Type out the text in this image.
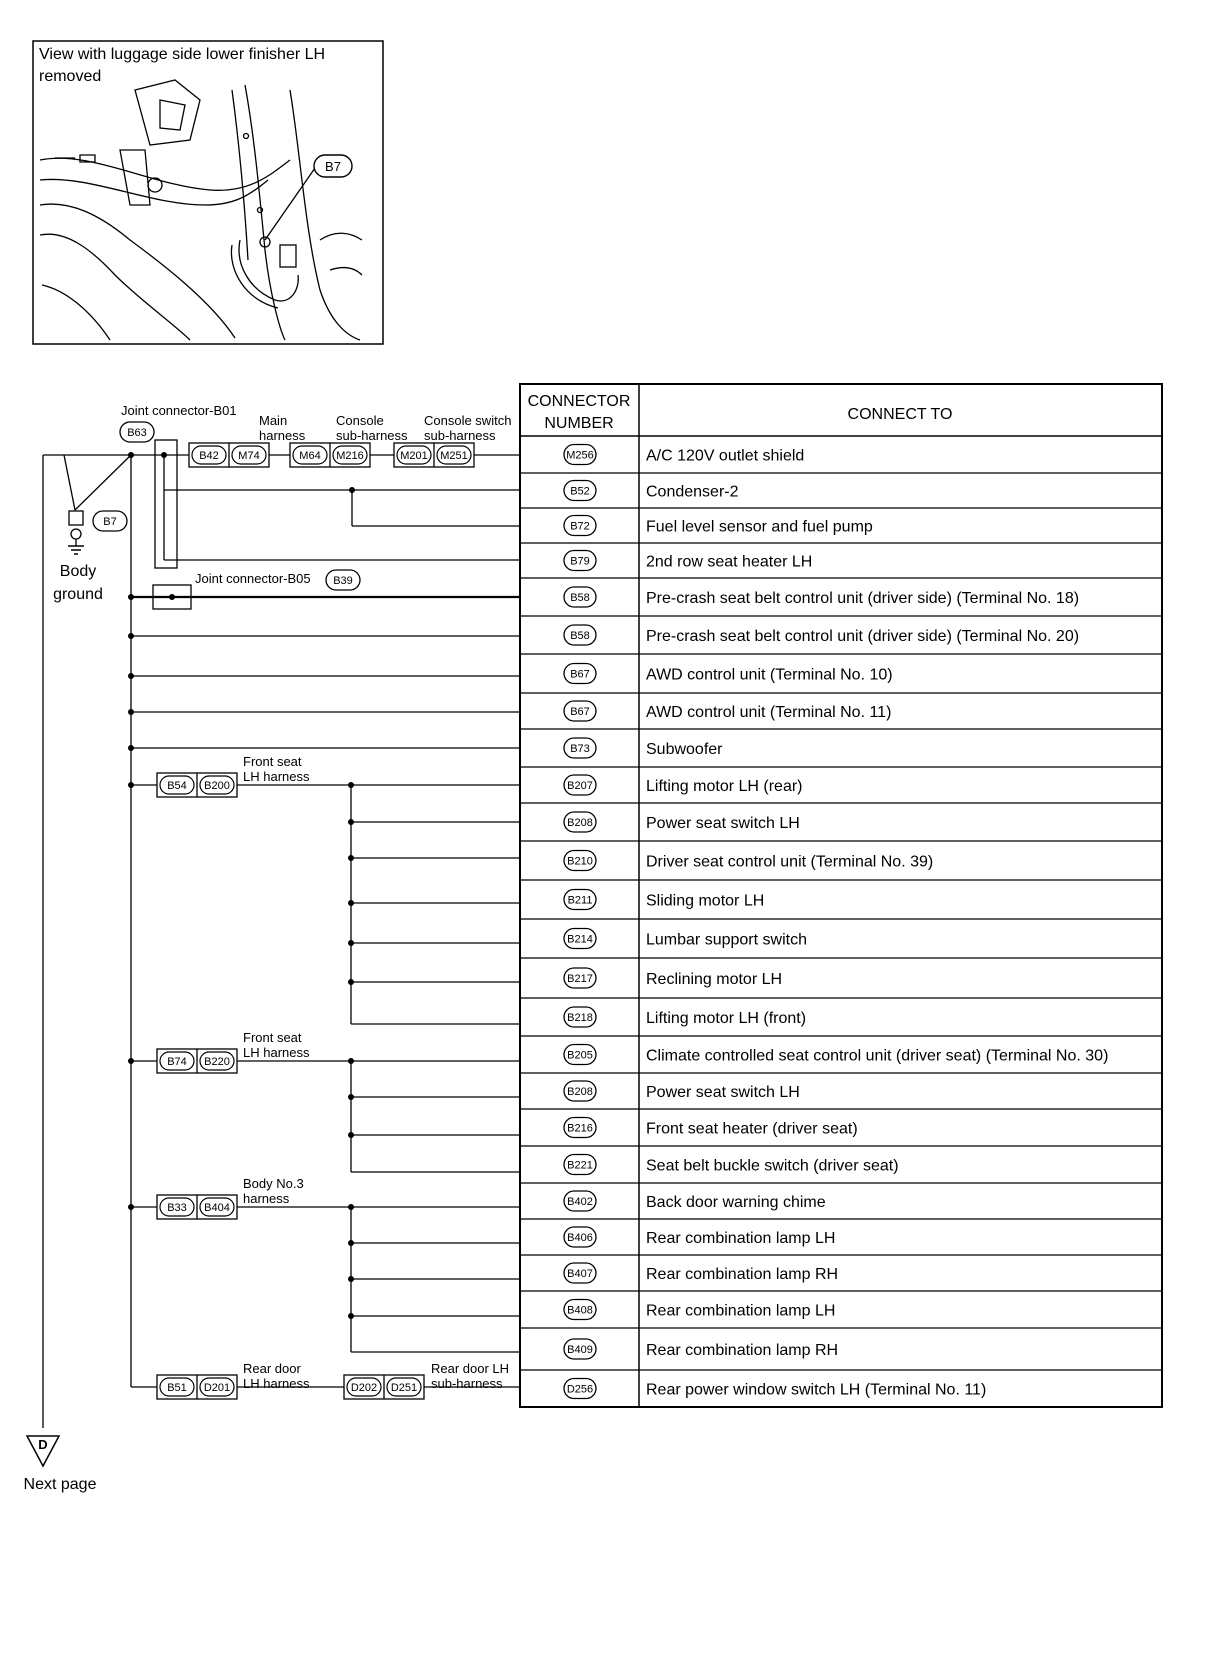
View with luggage side lower finisher LH
removed
B7
CONNECTOR
NUMBER
CONNECT TO
M256	A/C 120V outlet shield
B52	Condenser-2
B72	Fuel level sensor and fuel pump
B79	2nd row seat heater LH
B58	Pre-crash seat belt control unit (driver side) (Terminal No. 18)
B58	Pre-crash seat belt control unit (driver side) (Terminal No. 20)
B67	AWD control unit (Terminal No. 10)
B67	AWD control unit (Terminal No. 11)
B73	Subwoofer
B207	Lifting motor LH (rear)
B208	Power seat switch LH
B210	Driver seat control unit (Terminal No. 39)
B211	Sliding motor LH
B214	Lumbar support switch
B217	Reclining motor LH
B218	Lifting motor LH (front)
B205	Climate controlled seat control unit (driver seat) (Terminal No. 30)
B208	Power seat switch LH
B216	Front seat heater (driver seat)
B221	Seat belt buckle switch (driver seat)
B402	Back door warning chime
B406	Rear combination lamp LH
B407	Rear combination lamp RH
B408	Rear combination lamp LH
B409	Rear combination lamp RH
D256	Rear power window switch LH (Terminal No. 11)
B7
Body
ground
Joint connector-B01
B63
Joint connector-B05 B39
B42 M74	M64 M216	M201 M251
B54 B200
B74 B220
B33 B404
B51 D201	D202 D251
Main
harness
Console
sub-harness
Console switch
sub-harness
Front seat
LH harness
Front seat
LH harness
Body No.3
harness
Rear door
LH harness
Rear door LH
sub-harness
D
Next page
